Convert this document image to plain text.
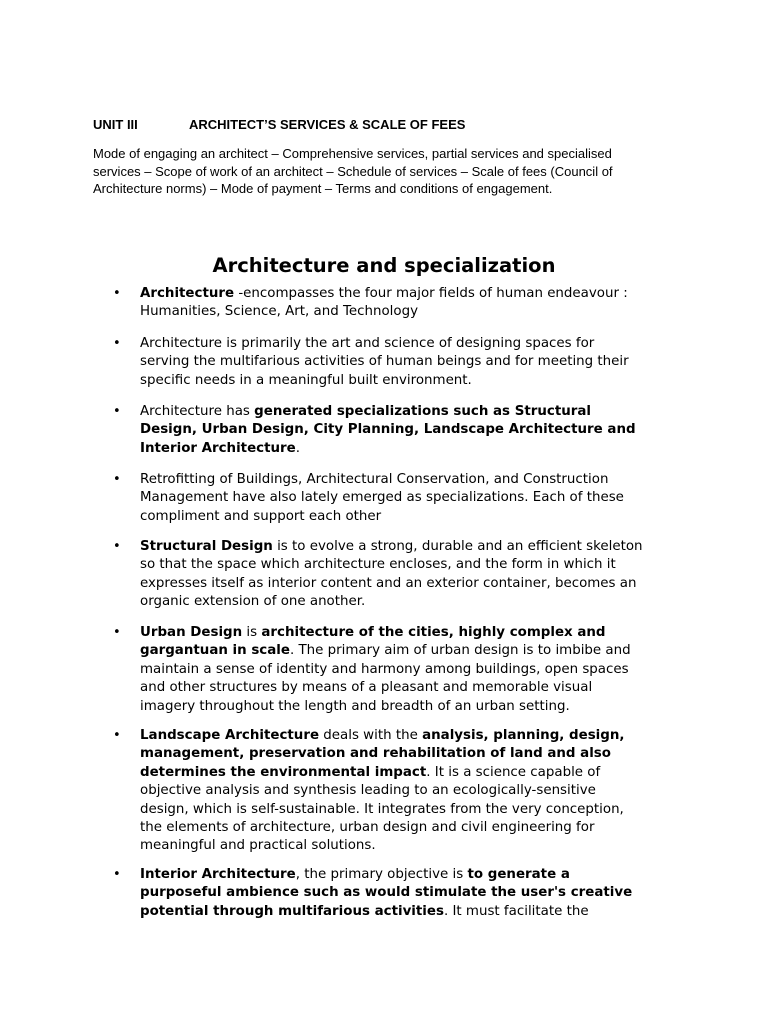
UNIT III	ARCHITECT’S SERVICES & SCALE OF FEES
Mode of engaging an architect – Comprehensive services, partial services and specialised
services – Scope of work of an architect – Schedule of services – Scale of fees (Council of
Architecture norms) – Mode of payment – Terms and conditions of engagement.
Architecture and specialization
• Architecture -encompasses the four major fields of human endeavour :
Humanities, Science, Art, and Technology
• Architecture is primarily the art and science of designing spaces for
serving the multifarious activities of human beings and for meeting their
specific needs in a meaningful built environment.
• Architecture has generated specializations such as Structural
Design, Urban Design, City Planning, Landscape Architecture and
Interior Architecture.
• Retrofitting of Buildings, Architectural Conservation, and Construction
Management have also lately emerged as specializations. Each of these
compliment and support each other
• Structural Design is to evolve a strong, durable and an efficient skeleton
so that the space which architecture encloses, and the form in which it
expresses itself as interior content and an exterior container, becomes an
organic extension of one another.
• Urban Design is architecture of the cities, highly complex and
gargantuan in scale. The primary aim of urban design is to imbibe and
maintain a sense of identity and harmony among buildings, open spaces
and other structures by means of a pleasant and memorable visual
imagery throughout the length and breadth of an urban setting.
• Landscape Architecture deals with the analysis, planning, design,
management, preservation and rehabilitation of land and also
determines the environmental impact. It is a science capable of
objective analysis and synthesis leading to an ecologically-sensitive
design, which is self-sustainable. It integrates from the very conception,
the elements of architecture, urban design and civil engineering for
meaningful and practical solutions.
• Interior Architecture, the primary objective is to generate a
purposeful ambience such as would stimulate the user's creative
potential through multifarious activities. It must facilitate the
